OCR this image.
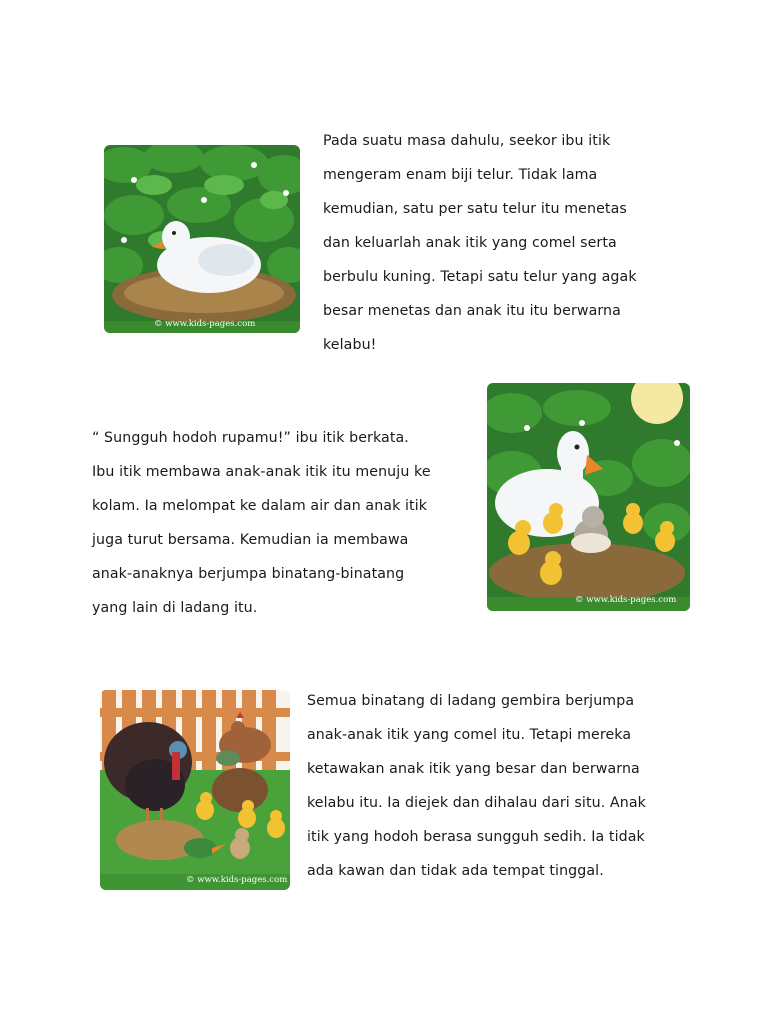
© www.kids-pages.com

Pada suatu masa dahulu, seekor ibu itik
mengeram enam biji telur. Tidak lama
kemudian, satu per satu telur itu menetas
dan keluarlah anak itik yang comel serta
berbulu kuning. Tetapi satu telur yang agak
besar menetas dan anak itu itu berwarna
kelabu!

“ Sungguh hodoh rupamu!” ibu itik berkata.
Ibu itik membawa anak-anak itik itu menuju ke
kolam. Ia melompat ke dalam air dan anak itik
juga turut bersama. Kemudian ia membawa
anak-anaknya berjumpa binatang-binatang
yang lain di ladang itu.	© www.kids-pages.com
© www.kids-pages.com

Semua binatang di ladang gembira berjumpa
anak-anak itik yang comel itu. Tetapi mereka
ketawakan anak itik yang besar dan berwarna
kelabu itu. Ia diejek dan dihalau dari situ. Anak
itik yang hodoh berasa sungguh sedih. Ia tidak
ada kawan dan tidak ada tempat tinggal.
